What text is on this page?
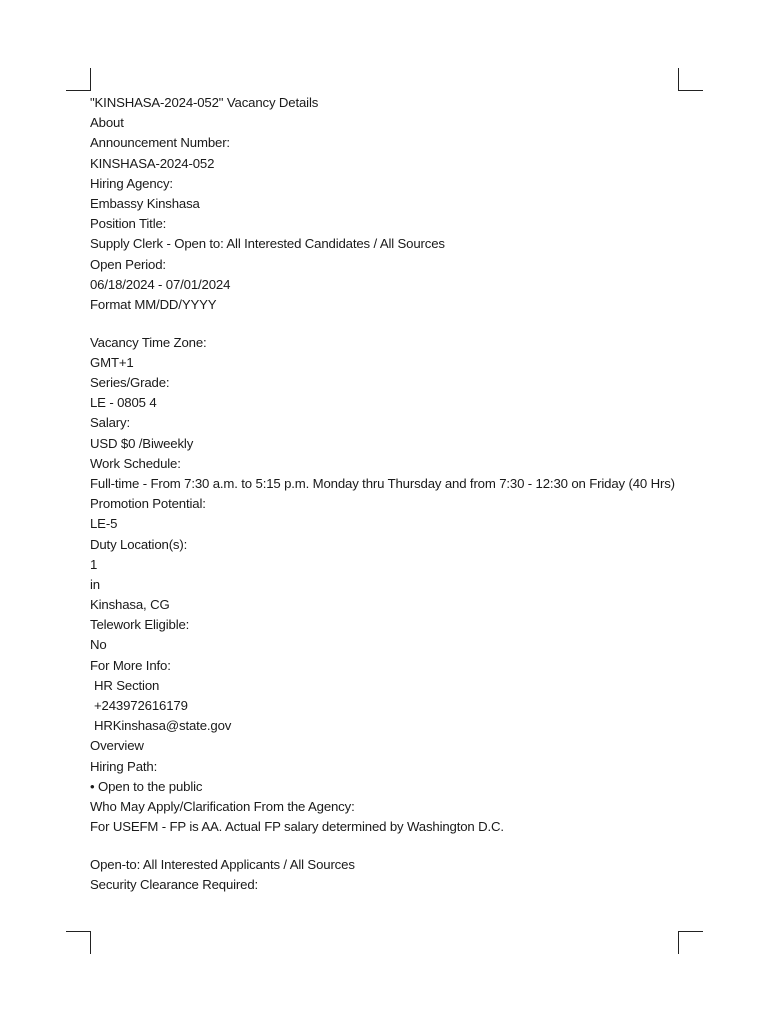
"KINSHASA-2024-052" Vacancy Details
About
Announcement Number:
KINSHASA-2024-052
Hiring Agency:
Embassy Kinshasa
Position Title:
Supply Clerk - Open to: All Interested Candidates / All Sources
Open Period:
06/18/2024 - 07/01/2024
Format MM/DD/YYYY
Vacancy Time Zone:
GMT+1
Series/Grade:
LE - 0805 4
Salary:
USD $0 /Biweekly
Work Schedule:
Full-time - From 7:30 a.m. to 5:15 p.m. Monday thru Thursday and from 7:30 - 12:30 on Friday (40 Hrs)
Promotion Potential:
LE-5
Duty Location(s):
1
in
Kinshasa, CG
Telework Eligible:
No
For More Info:
HR Section
+243972616179
HRKinshasa@state.gov
Overview
Hiring Path:
• Open to the public
Who May Apply/Clarification From the Agency:
For USEFM - FP is AA. Actual FP salary determined by Washington D.C.
Open-to: All Interested Applicants / All Sources
Security Clearance Required:
